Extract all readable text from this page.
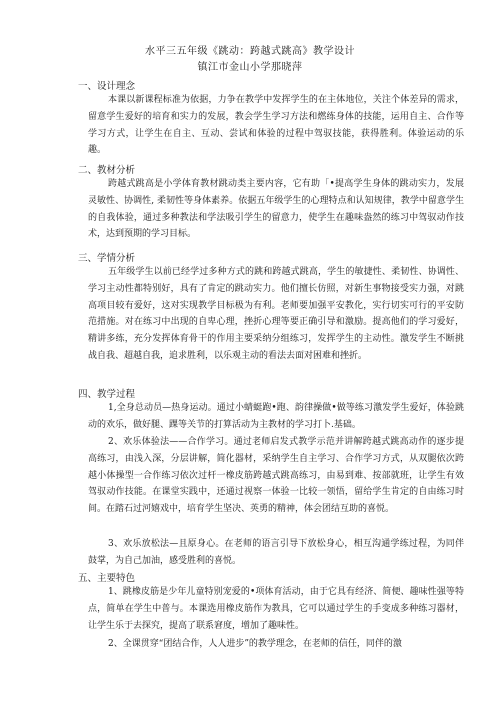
水平三五年级《跳动：跨越式跳高》教学设计
镇江市金山小学那晓萍
一、设计理念

本课以新课程标准为依据，力争在教学中发挥学生的在主体地位，关注个体差异的需求，留意学生爱好的培育和实力的发展，教会学生学习方法和燃练身体的技能，运用自主、合作等学习方式，让学生在自主、互动、尝试和体验的过程中驾驭技能，获得胜利。体验运动的乐趣。

二、教材分析

跨越式跳高是小学体育教材跳动类主要内容，它有助「•提高学生身体的跳动实力，发展灵敏性、协调性, 柔韧性等身体素养。依据五年级学生的心理特点和认知规律，教学中留意学生的自我体验，通过多种教法和学法吸引学生的留意力，使学生在趣味盎然的练习中驾驭动作技术，达到预期的学习目标。

三、学情分析

五年级学生以前已经学过多种方式的跳和跨越式跳高，学生的敏捷性、柔韧性、协调性、学习主动性都特别好，具有了肯定的跳动实力。他们擅长仿照，对新生事物接受实力强，对跳高项目较有爱好，这对实现教学目标极为有利。老师要加强平安教化，实行切实可行的平安防范措施。对在练习中出现的自卑心理，挫折心理等要正确引导和激励。提高他们的学习爱好，精讲多练，充分发挥体育骨干的作用主要采纳分组练习，发挥学生的主动性。激发学生不断挑战自我、超越自我，追求胜利，以乐观主动的看法去面对困难和挫折。

四、教学过程

1,全身总动员—热身运动。通过小蜻蜓跑•跑、韵律操做•做等练习激发学生爱好，体验跳动的欢乐，做好腿、踝等关节的打算活动为主教材的学习打卜.基础。

2、欢乐体验法——合作学习。通过老师启发式教学示范并讲解跨越式跳高动作的逐步提高练习，由浅入深，分层讲解，简化器材，采纳学生自主学习、合作学习方式，从双腿依次跨越小体操型一合作练习依次过杆一橡皮筋跨越式跳高练习，由易到难、按部就班，让学生有效驾驭动作技能。在课堂实践中，还通过视察一体验一比较一领悟，留给学生肯定的自由练习时间。在踏石过河嬉戏中，培育学生坚决、英勇的精神，体会团结互助的喜悦。

3、欢乐放松法—且原身心。在老师的语言引导下放松身心，相互沟通学练过程，为同伴鼓掌，为自己加油，感受胜利的喜悦。

五、主要特色

1、跳橡皮筋是少年儿童特别宠爱的•项体育活动，由于它具有经济、简便、趣味性强等特点，简单在学生中普与。本课选用橡皮筋作为教具，它可以通过学生的手变成多种练习器材，让学生乐于去探究，提高了联系窘度，增加了趣味性。

2、全课贯穿“团结合作，人人进步”的教学理念，在老师的信任，同伴的激
